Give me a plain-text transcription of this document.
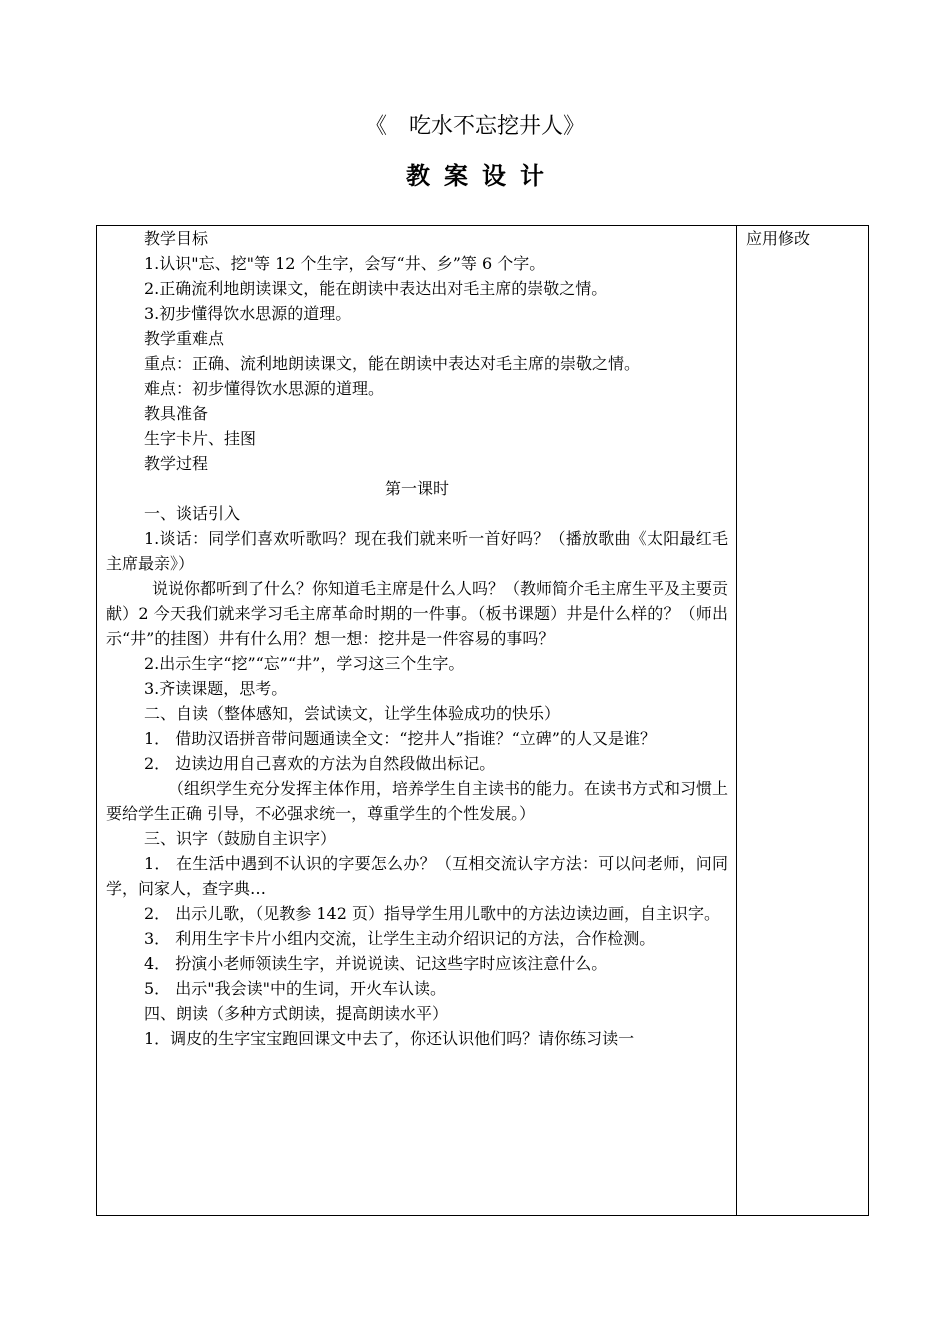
《　吃水不忘挖井人》
教案设计
应用修改

教学目标

1.认识"忘、挖"等 12 个生字，会写“井、乡”等 6 个字。

2.正确流利地朗读课文，能在朗读中表达出对毛主席的崇敬之情。

3.初步懂得饮水思源的道理。

教学重难点

重点：正确、流利地朗读课文，能在朗读中表达对毛主席的崇敬之情。

难点：初步懂得饮水思源的道理。

教具准备

生字卡片、挂图

教学过程

第一课时

一、谈话引入

1.谈话：同学们喜欢听歌吗？现在我们就来听一首好吗？（播放歌曲《太阳最红毛主席最亲》）

说说你都听到了什么？你知道毛主席是什么人吗？（教师简介毛主席生平及主要贡献）2 今天我们就来学习毛主席革命时期的一件事。（板书课题）井是什么样的？（师出示“井”的挂图）井有什么用？想一想：挖井是一件容易的事吗？

2.出示生字“挖”“忘”“井”，学习这三个生字。

3.齐读课题，思考。

二、自读（整体感知，尝试读文，让学生体验成功的快乐）

1． 借助汉语拼音带问题通读全文：“挖井人”指谁？“立碑”的人又是谁？

2． 边读边用自己喜欢的方法为自然段做出标记。

（组织学生充分发挥主体作用，培养学生自主读书的能力。在读书方式和习惯上要给学生正确 引导，不必强求统一，尊重学生的个性发展。）

三、识字（鼓励自主识字）

1． 在生活中遇到不认识的字要怎么办？（互相交流认字方法：可以问老师，问同学，问家人，查字典…

2． 出示儿歌，（见教参 142 页）指导学生用儿歌中的方法边读边画，自主识字。

3． 利用生字卡片小组内交流，让学生主动介绍识记的方法，合作检测。

4． 扮演小老师领读生字，并说说读、记这些字时应该注意什么。

5． 出示"我会读"中的生词，开火车认读。

四、朗读（多种方式朗读，提高朗读水平）

1．调皮的生字宝宝跑回课文中去了，你还认识他们吗？请你练习读一
